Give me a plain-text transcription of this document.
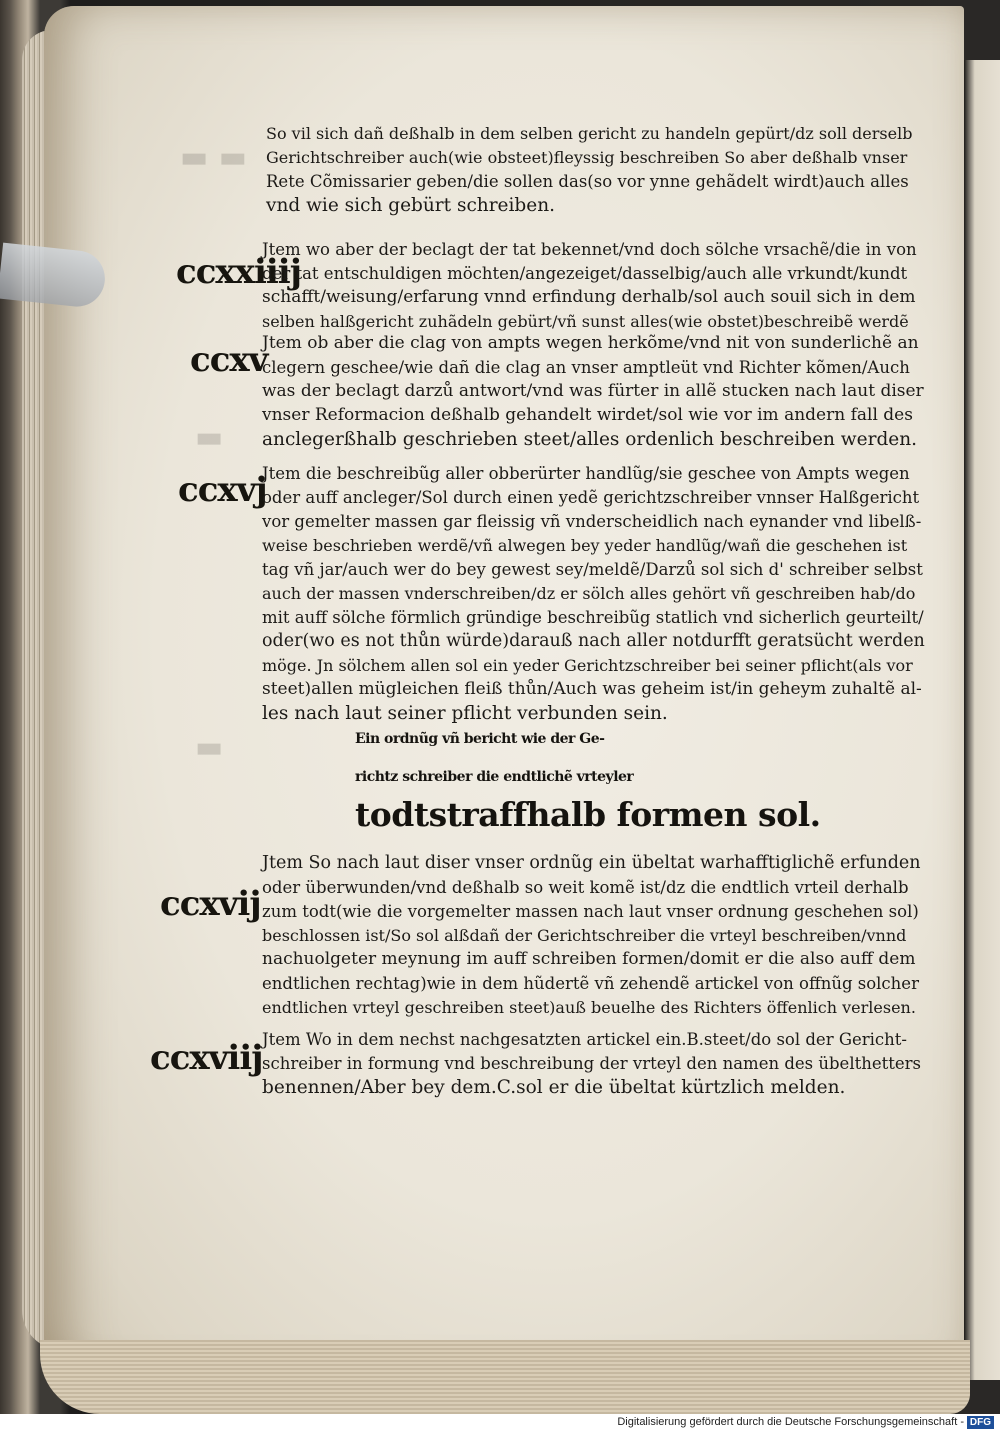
▬ ▬
▬
▬
So vil sich dañ deßhalb in dem selben gericht zu handeln gepürt/dz soll derselb
Gerichtschreiber auch(wie obsteet)fleyssig beschreiben So aber deßhalb vnser
Rete Cõmissarier geben/die sollen das(so vor ynne gehãdelt wirdt)auch alles
vnd wie sich gebürt schreiben.
ccxxiiij
Jtem wo aber der beclagt der tat bekennet/vnd doch sölche vrsachẽ/die in von
der tat entschuldigen möchten/angezeiget/dasselbig/auch alle vrkundt/kundt
schafft/weisung/erfarung vnnd erfindung derhalb/sol auch souil sich in dem
selben halßgericht zuhãdeln gebürt/vñ sunst alles(wie obstet)beschreibẽ werdẽ
ccxv
Jtem ob aber die clag von ampts wegen herkõme/vnd nit von sunderlichẽ an
clegern geschee/wie dañ die clag an vnser amptleüt vnd Richter kõmen/Auch
was der beclagt darzů antwort/vnd was fürter in allẽ stucken nach laut diser
vnser Reformacion deßhalb gehandelt wirdet/sol wie vor im andern fall des
anclegerßhalb geschrieben steet/alles ordenlich beschreiben werden.
ccxvj
Jtem die beschreibũg aller obberürter handlũg/sie geschee von Ampts wegen
oder auff ancleger/Sol durch einen yedẽ gerichtzschreiber vnnser Halßgericht
vor gemelter massen gar fleissig vñ vnderscheidlich nach eynander vnd libelß-
weise beschrieben werdẽ/vñ alwegen bey yeder handlũg/wañ die geschehen ist
tag vñ jar/auch wer do bey gewest sey/meldẽ/Darzů sol sich d' schreiber selbst
auch der massen vnderschreiben/dz er sölch alles gehört vñ geschreiben hab/do
mit auff sölche förmlich gründige beschreibũg statlich vnd sicherlich geurteilt/
oder(wo es not thůn würde)darauß nach aller notdurfft geratsücht werden
möge. Jn sölchem allen sol ein yeder Gerichtzschreiber bei seiner pflicht(als vor
steet)allen mügleichen fleiß thůn/Auch was geheim ist/in geheym zuhaltẽ al-
les nach laut seiner pflicht verbunden sein.
Ein ordnũg vñ bericht wie der Ge-
richtz schreiber die endtlichẽ vrteyler
todtstraffhalb formen sol.
ccxvij
Jtem So nach laut diser vnser ordnũg ein übeltat warhafftiglichẽ erfunden
oder überwunden/vnd deßhalb so weit komẽ ist/dz die endtlich vrteil derhalb
zum todt(wie die vorgemelter massen nach laut vnser ordnung geschehen sol)
beschlossen ist/So sol alßdañ der Gerichtschreiber die vrteyl beschreiben/vnnd
nachuolgeter meynung im auff schreiben formen/domit er die also auff dem
endtlichen rechtag)wie in dem hũdertẽ vñ zehendẽ artickel von offnũg solcher
endtlichen vrteyl geschreiben steet)auß beuelhe des Richters öffenlich verlesen.
ccxviij Jtem Wo in dem nechst nachgesatzten artickel ein.B.steet/do sol der Gericht-
schreiber in formung vnd beschreibung der vrteyl den namen des übelthetters
benennen/Aber bey dem.C.sol er die übeltat kürtzlich melden.
Digitalisierung gefördert durch die Deutsche Forschungsgemeinschaft - DFG
